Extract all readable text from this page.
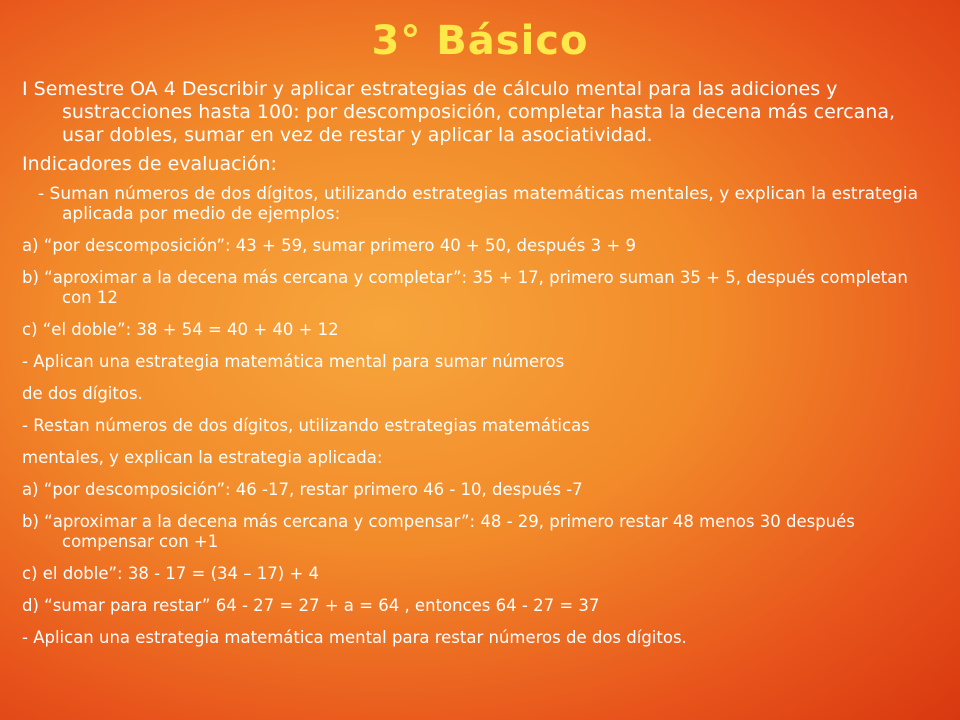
3° Básico

I Semestre OA 4 Describir y aplicar estrategias de cálculo mental para las adiciones y sustracciones hasta 100: por descomposición, completar hasta la decena más cercana, usar dobles, sumar en vez de restar y aplicar la asociatividad.

Indicadores de evaluación:

- Suman números de dos dígitos, utilizando estrategias matemáticas mentales, y explican la estrategia aplicada por medio de ejemplos:

a) “por descomposición”: 43 + 59, sumar primero 40 + 50, después 3 + 9

b) “aproximar a la decena más cercana y completar”: 35 + 17, primero suman 35 + 5, después completan con 12

c) “el doble”: 38 + 54 = 40 + 40 + 12

- Aplican una estrategia matemática mental para sumar números

de dos dígitos.

- Restan números de dos dígitos, utilizando estrategias matemáticas

mentales, y explican la estrategia aplicada:

a) “por descomposición”: 46 -17, restar primero 46 - 10, después -7

b) “aproximar a la decena más cercana y compensar”: 48 - 29, primero restar 48 menos 30 después compensar con +1

c) el doble”: 38 - 17 = (34 – 17) + 4

d) “sumar para restar” 64 - 27 = 27 + a = 64 , entonces 64 - 27 = 37

- Aplican una estrategia matemática mental para restar números de dos dígitos.
